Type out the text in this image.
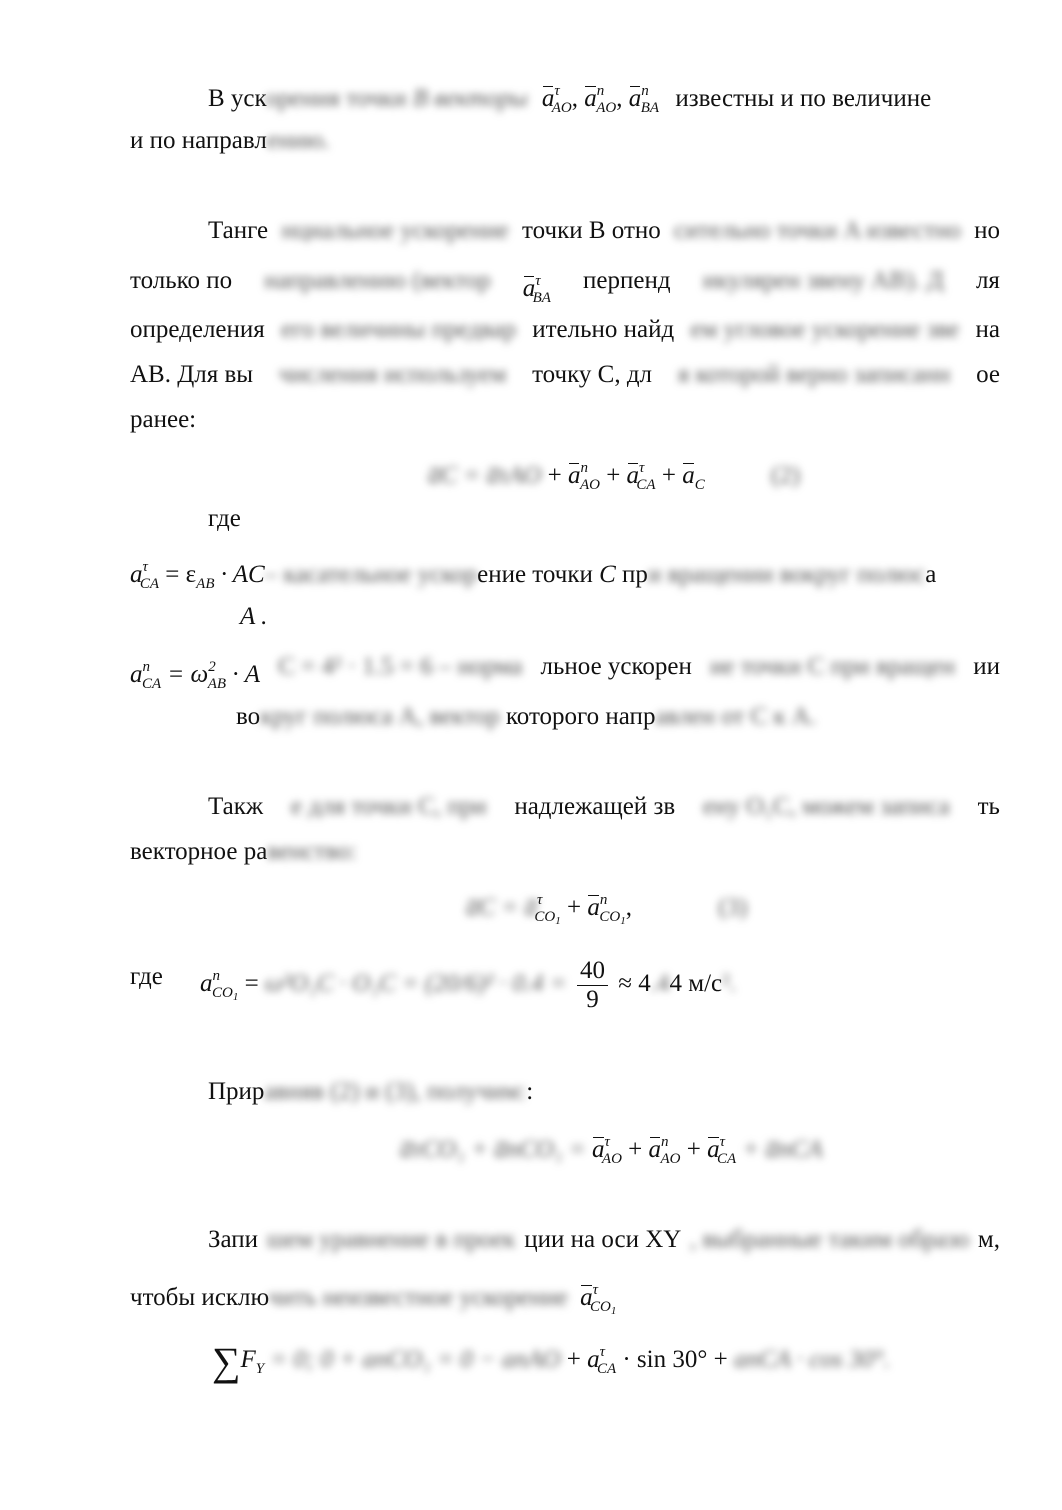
В ускорения точки B векторы $a^\tau_{AO}$, $a^n_{AO}$, $a^n_{BA}$ известны и по величине
и по направлению.
Танге нциальное ускорение точки В отно сительно точки A известно но
только по направлению (вектор $a^\tau_{BA}$
перпенд икулярен звену AB). Д ля
определения его величины предвар ительно найд ем угловое ускорение зве на
АВ. Для вы числения используем точку С, дл я которой верно записанн ое
ранее:
a̅C = a̅τAO + $a^n_{AO} + a^\tau_{CA} + a_C$	(2)
где
$a^\tau_{CA} = \varepsilon_{AB} \cdot AC-$ касательное ускорение точки C при вращении вокруг полюса
A .
$a^n_{CA} = \omega^2_{AB} \cdot A$ C = 4² · 1.5 = 6 – норма льное ускорен ие точки C при вращен ии
вокруг полюса A, вектор которого направлен от C к A.
Такж е для точки C, при надлежащей зв ену O₁C, можем записа ть
векторное равенство:
a̅C = a̅$^\tau_{CO1}$ + $a^n_{CO1}$,	(3)
где $a^n_{CO1} = \omega^2O_1C \cdot O_1C = (20/6)^2 \cdot 0.4 = \frac{40}{9} \approx 4.44$ м/с².
Приравняв (2) и (3), получим::
a̅τCO₁ + a̅nCO₁ = $a^\tau_{AO} + a^n_{AO} + a^\tau_{CA}$ + a̅nCA
Запи шем уравнение в проек ции на оси XY , выбранные таким образо м,
чтобы исключить неизвестное ускорение $a^\tau_{CO1}$
$\sum F_Y = 0$; 0 + anCO₁ = 0 − anAO + $a^\tau_{CA} \cdot \sin 30^\circ$ + anCA · cos 30°.
